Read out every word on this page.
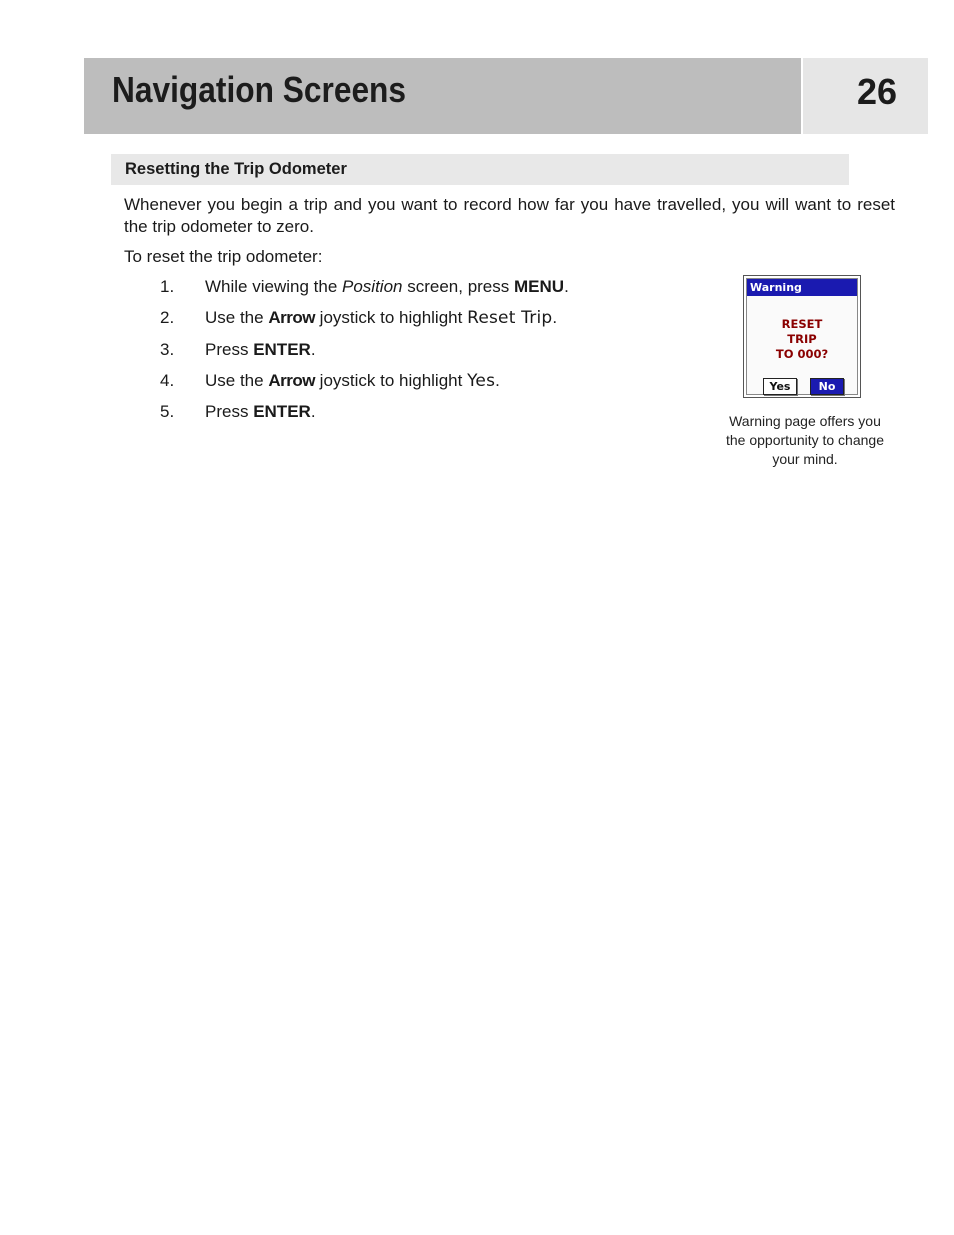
Navigation Screens	26
Resetting the Trip Odometer

Whenever you begin a trip and you want to record how far you have travelled, you will want to reset the trip odometer to zero.

To reset the trip odometer:

1.	While viewing the Position screen, press MENU.
2.	Use the Arrow joystick to highlight Reset Trip.
3.	Press ENTER.
4.	Use the Arrow joystick to highlight Yes.
5.	Press ENTER.
Warning
RESET
TRIP
TO 000?
Yes	No
Warning page offers you
the opportunity to change
your mind.
